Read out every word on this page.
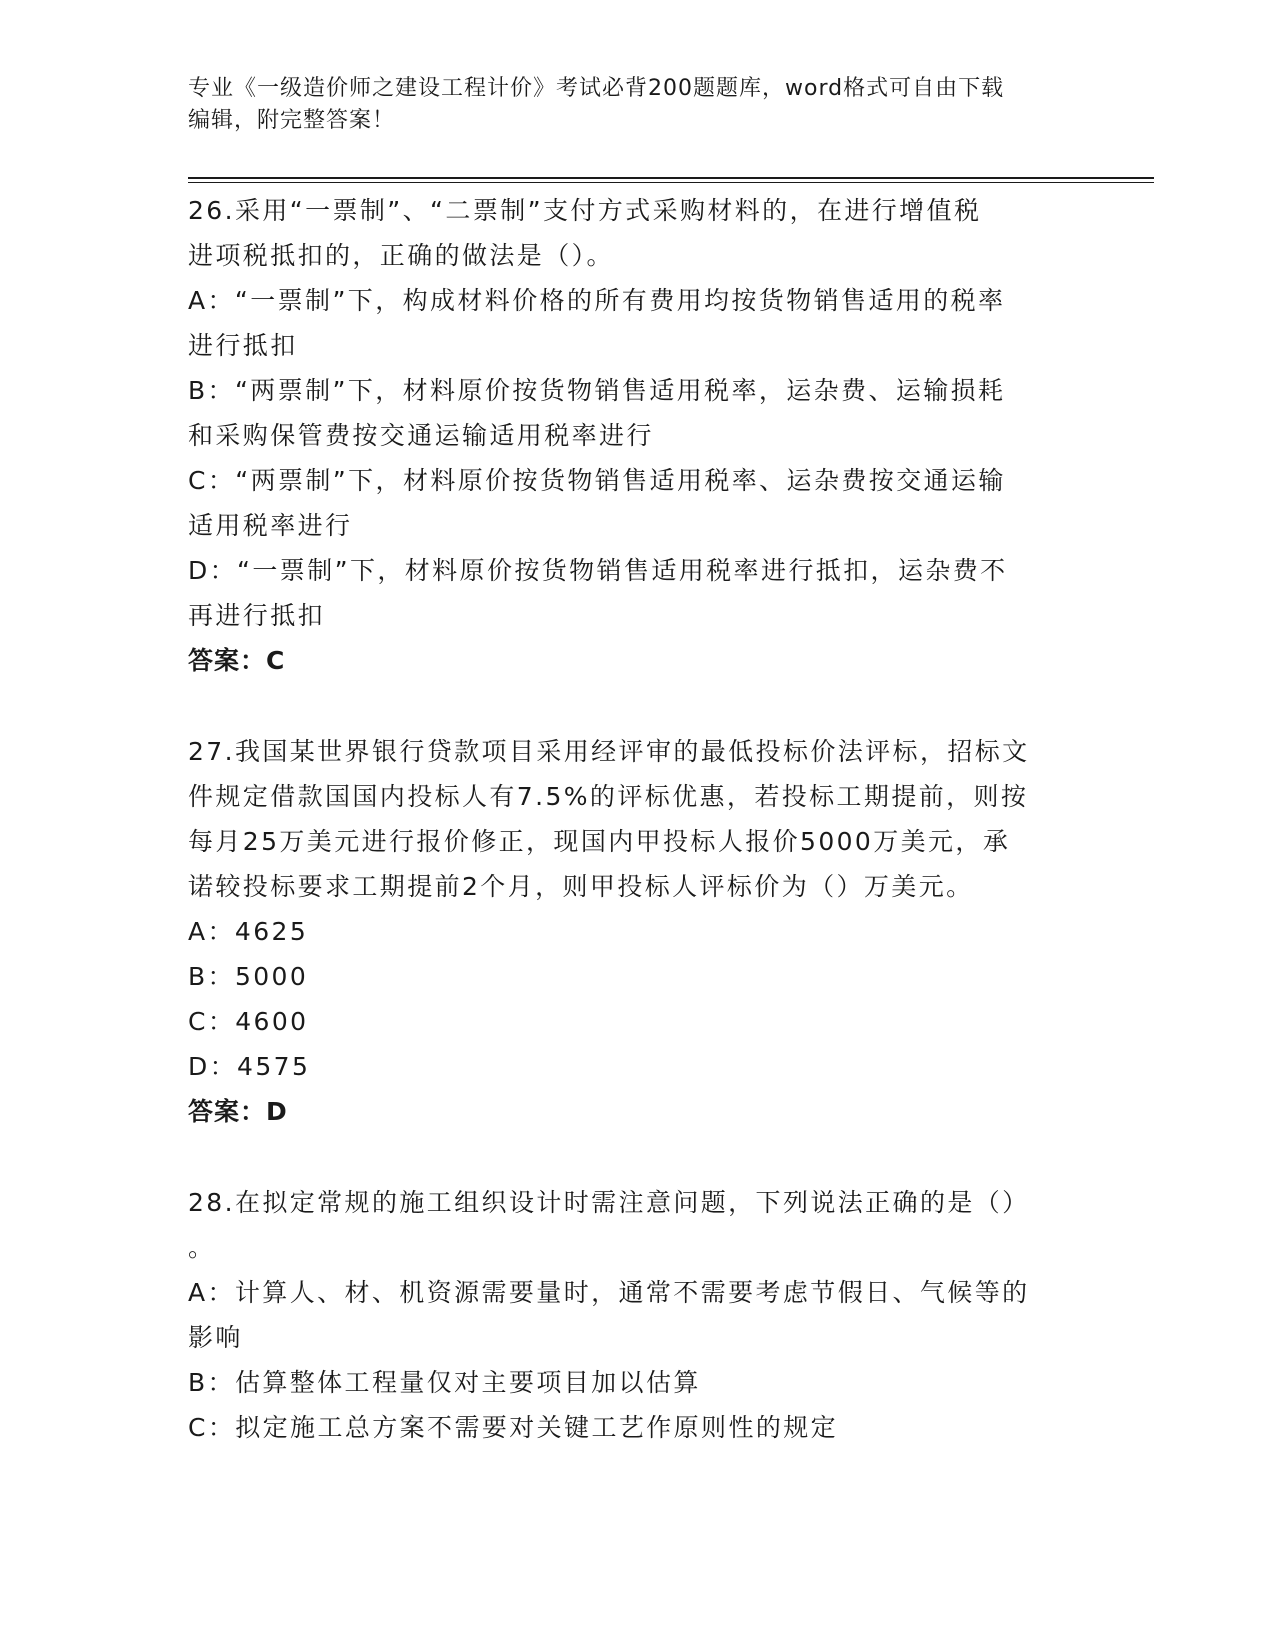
专业《一级造价师之建设工程计价》考试必背200题题库，word格式可自由下载
编辑，附完整答案！
26.采用“一票制”、“二票制”支付方式采购材料的，在进行增值税
进项税抵扣的，正确的做法是（）。
A：“一票制”下，构成材料价格的所有费用均按货物销售适用的税率
进行抵扣
B：“两票制”下，材料原价按货物销售适用税率，运杂费、运输损耗
和采购保管费按交通运输适用税率进行
C：“两票制”下，材料原价按货物销售适用税率、运杂费按交通运输
适用税率进行
D：“一票制”下，材料原价按货物销售适用税率进行抵扣，运杂费不
再进行抵扣
答案：C
27.我国某世界银行贷款项目采用经评审的最低投标价法评标，招标文
件规定借款国国内投标人有7.5%的评标优惠，若投标工期提前，则按
每月25万美元进行报价修正，现国内甲投标人报价5000万美元，承
诺较投标要求工期提前2个月，则甲投标人评标价为（）万美元。
A：4625
B：5000
C：4600
D：4575
答案：D
28.在拟定常规的施工组织设计时需注意问题，下列说法正确的是（）
。
A：计算人、材、机资源需要量时，通常不需要考虑节假日、气候等的
影响
B：估算整体工程量仅对主要项目加以估算
C：拟定施工总方案不需要对关键工艺作原则性的规定
